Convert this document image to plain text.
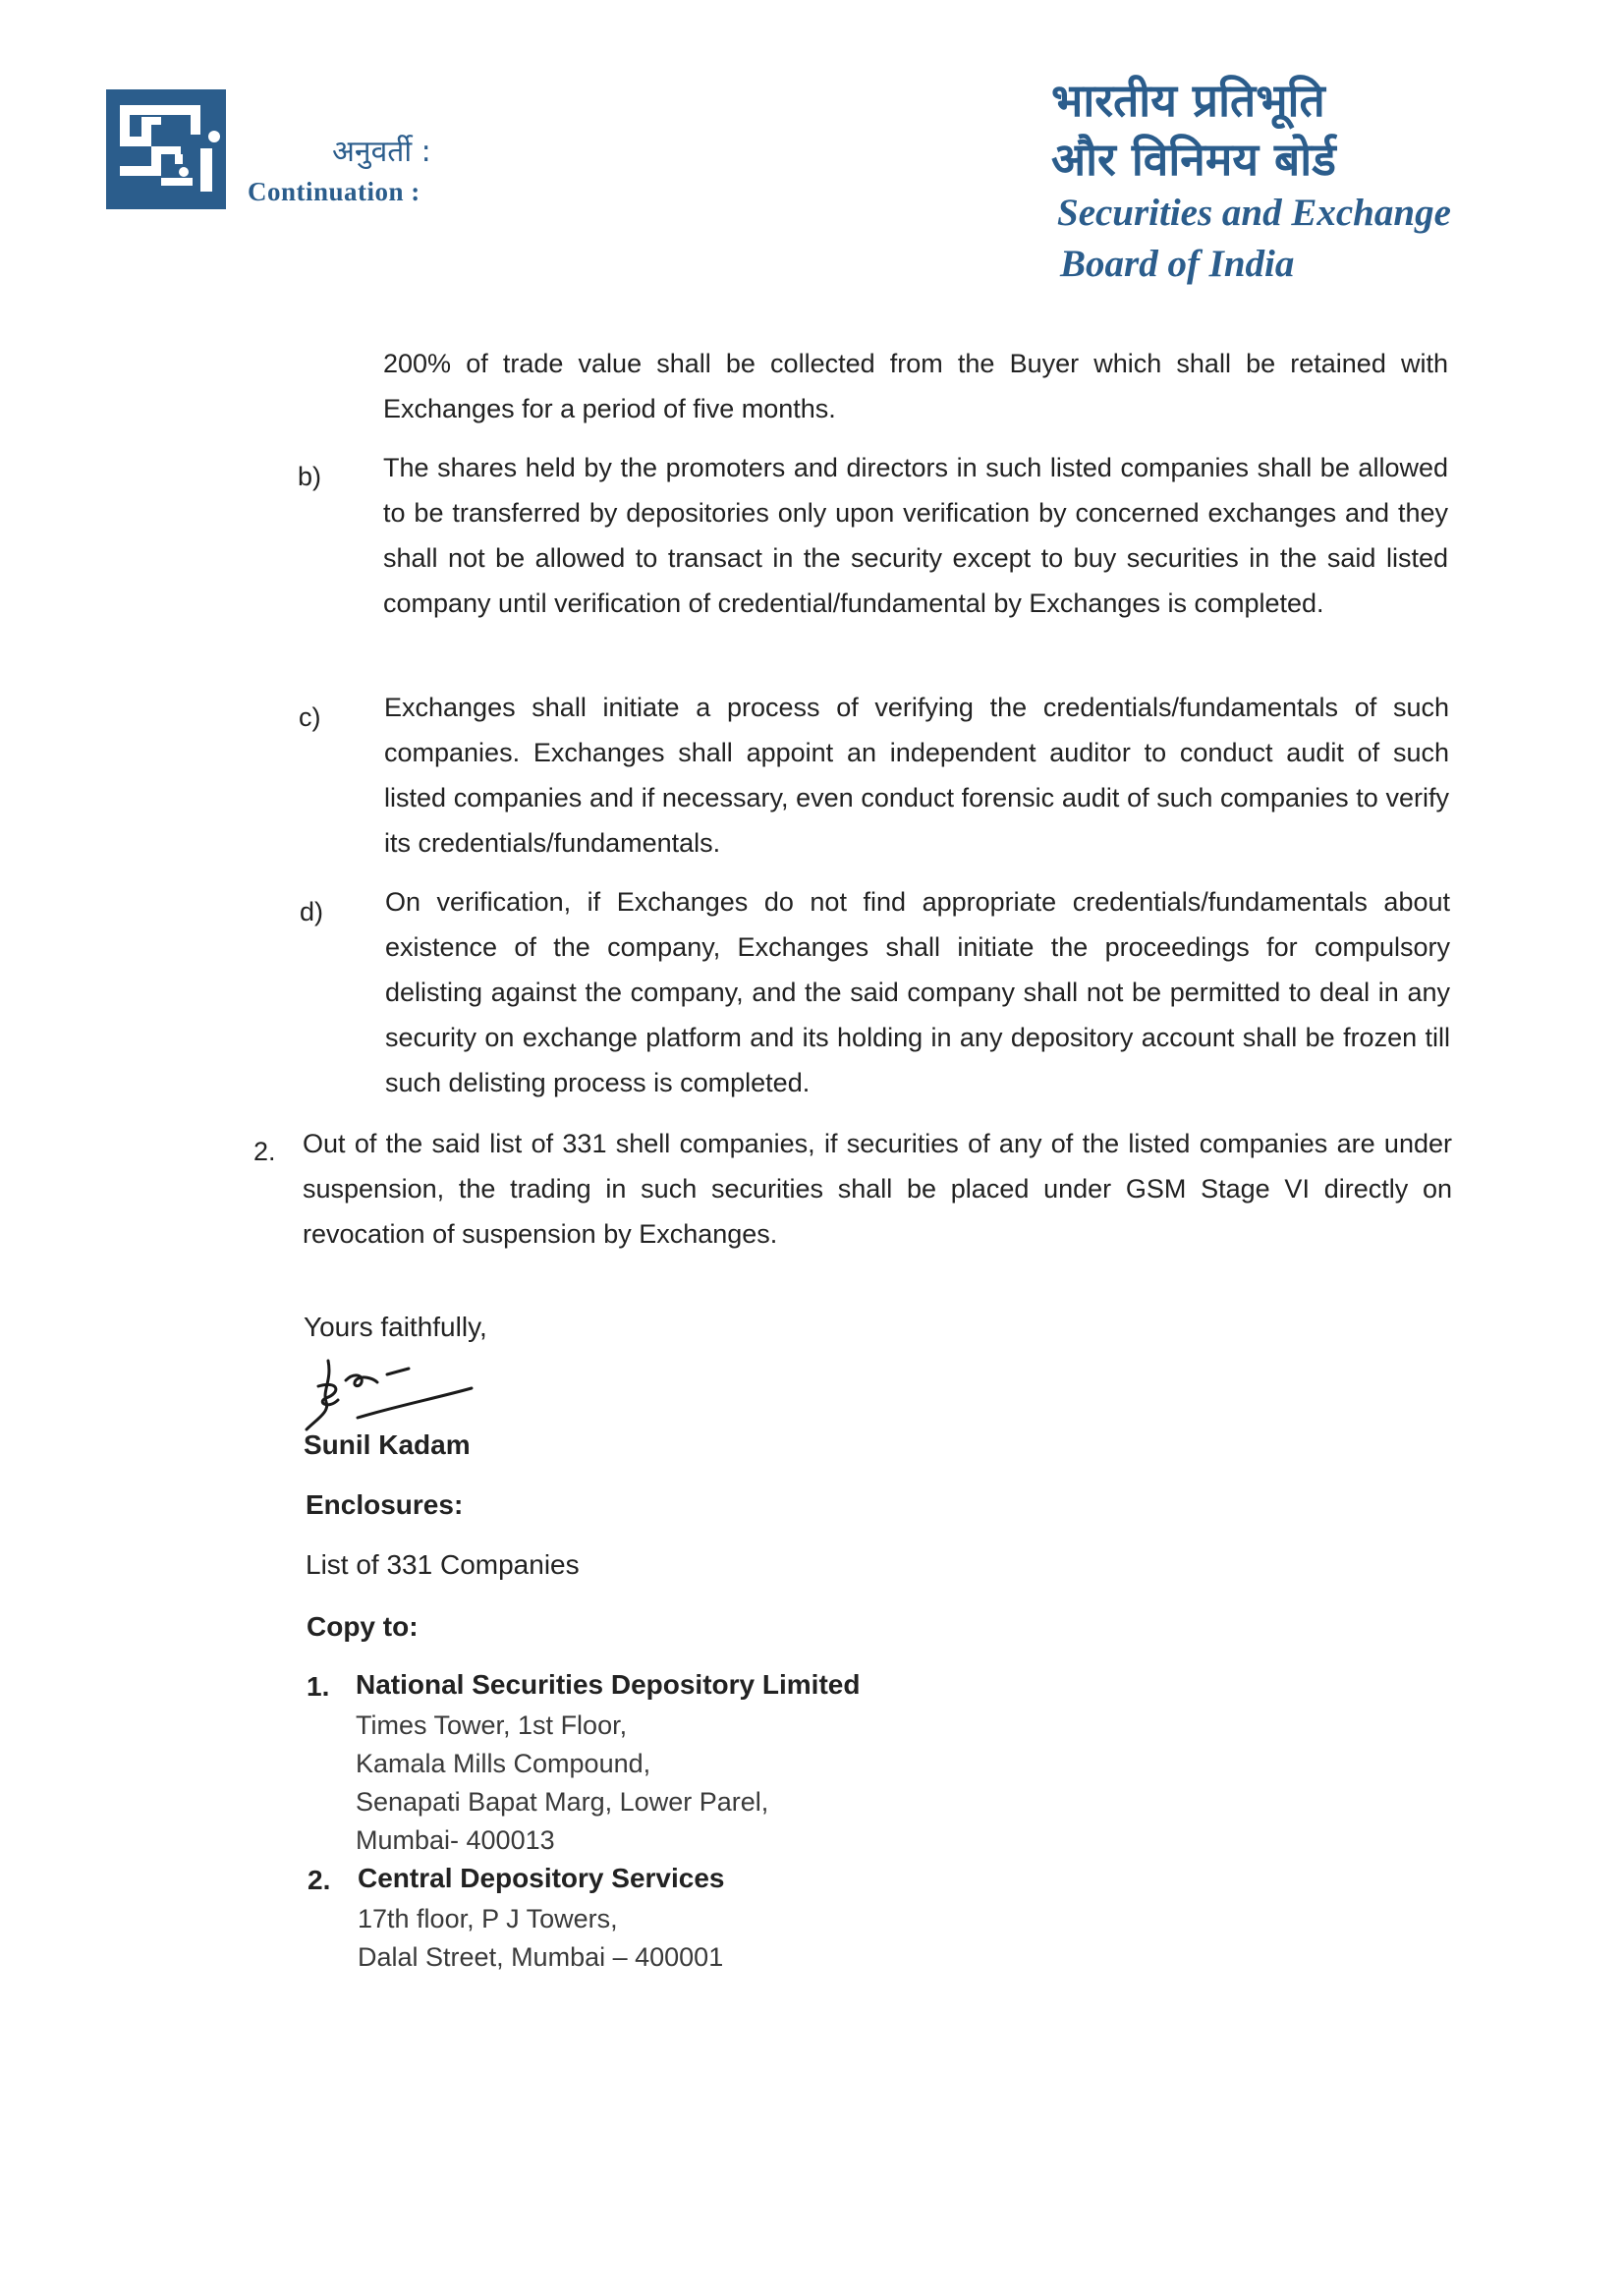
अनुवर्ती :
Continuation :
भारतीय प्रतिभूति
और विनिमय बोर्ड
Securities and Exchange
Board of India
200% of trade value shall be collected from the Buyer which shall be retained with Exchanges for a period of five months.
b) The shares held by the promoters and directors in such listed companies shall be allowed to be transferred by depositories only upon verification by concerned exchanges and they shall not be allowed to transact in the security except to buy securities in the said listed company until verification of credential/fundamental by Exchanges is completed.
c) Exchanges shall initiate a process of verifying the credentials/fundamentals of such companies. Exchanges shall appoint an independent auditor to conduct audit of such listed companies and if necessary, even conduct forensic audit of such companies to verify its credentials/fundamentals.
d) On verification, if Exchanges do not find appropriate credentials/fundamentals about existence of the company, Exchanges shall initiate the proceedings for compulsory delisting against the company, and the said company shall not be permitted to deal in any security on exchange platform and its holding in any depository account shall be frozen till such delisting process is completed.
2. Out of the said list of 331 shell companies, if securities of any of the listed companies are under suspension, the trading in such securities shall be placed under GSM Stage VI directly on revocation of suspension by Exchanges.
Yours faithfully,
Sunil Kadam
Enclosures:
List of 331 Companies
Copy to:
1. National Securities Depository Limited
Times Tower, 1st Floor,
Kamala Mills Compound,
Senapati Bapat Marg, Lower Parel,
Mumbai- 400013
2. Central Depository Services
17th floor, P J Towers,
Dalal Street, Mumbai – 400001
